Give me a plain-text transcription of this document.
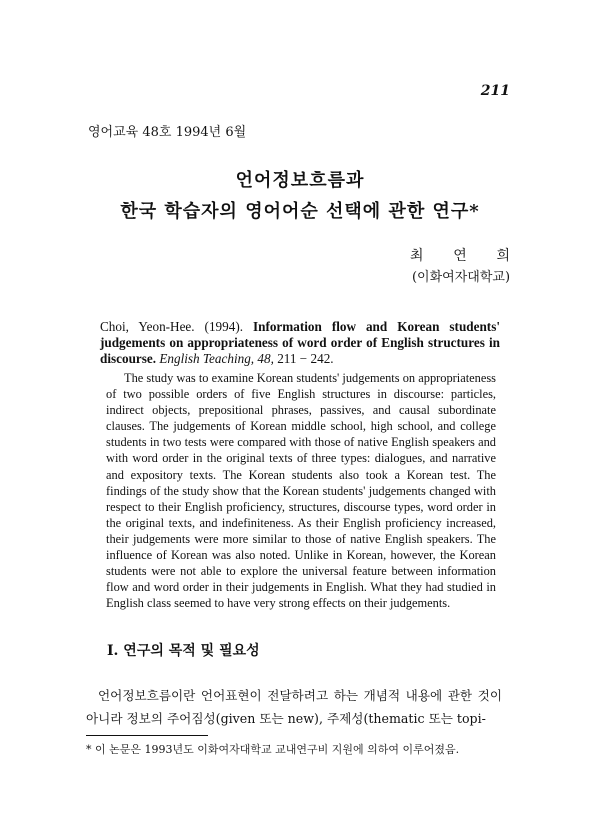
211
영어교육 48호 1994년 6월
언어정보흐름과
한국 학습자의 영어어순 선택에 관한 연구*
최 연 희
(이화여자대학교)
Choi, Yeon-Hee. (1994). Information flow and Korean students' judgements on appropriateness of word order of English structures in discourse. English Teaching, 48, 211 − 242.
The study was to examine Korean students' judgements on appropriateness of two possible orders of five English structures in discourse: particles, indirect objects, prepositional phrases, passives, and causal subordinate clauses. The judgements of Korean middle school, high school, and college students in two tests were compared with those of native English speakers and with word order in the original texts of three types: dialogues, and narrative and expository texts. The Korean students also took a Korean test. The findings of the study show that the Korean students' judgements changed with respect to their English proficiency, structures, discourse types, word order in the original texts, and indefiniteness. As their English proficiency increased, their judgements were more similar to those of native English speakers. The influence of Korean was also noted. Unlike in Korean, however, the Korean students were not able to explore the universal feature between information flow and word order in their judgements in English. What they had studied in English class seemed to have very strong effects on their judgements.
Ⅰ. 연구의 목적 및 필요성
언어정보흐름이란 언어표현이 전달하려고 하는 개념적 내용에 관한 것이 아니라 정보의 주어짐성(given 또는 new), 주제성(thematic 또는 topi-
* 이 논문은 1993년도 이화여자대학교 교내연구비 지원에 의하여 이루어졌음.
